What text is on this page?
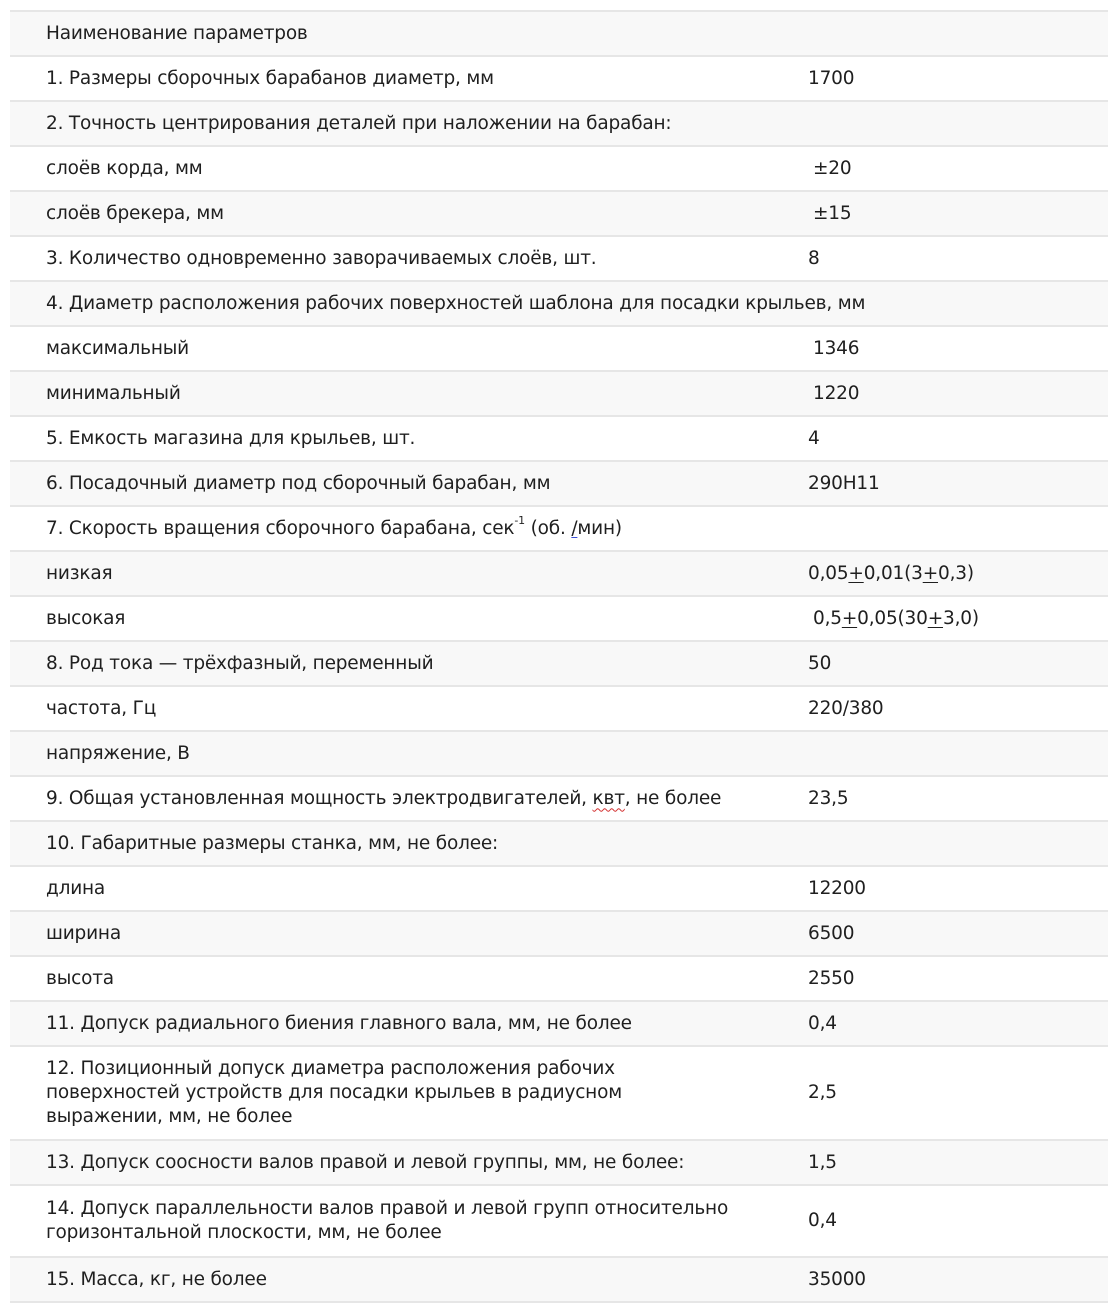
Наименование параметров	
1. Размеры сборочных барабанов диаметр, мм	1700
2. Точность центрирования деталей при наложении на барабан:	
слоёв корда, мм	±20
слоёв брекера, мм	±15
3. Количество одновременно заворачиваемых слоёв, шт.	8
4. Диаметр расположения рабочих поверхностей шаблона для посадки крыльев, мм	
максимальный	1346
минимальный	1220
5. Емкость магазина для крыльев, шт.	4
6. Посадочный диаметр под сборочный барабан, мм	290H11
7. Скорость вращения сборочного барабана, сек$^{-1}$ (об. /мин)	
низкая	0,05+0,01(3+0,3)
высокая	0,5+0,05(30+3,0)
8. Род тока — трёхфазный, переменный	50
частота, Гц	220/380
напряжение, В	
9. Общая установленная мощность электродвигателей, квт, не более	23,5
10. Габаритные размеры станка, мм, не более:	
длина	12200
ширина	6500
высота	2550
11. Допуск радиального биения главного вала, мм, не более	0,4

12. Позиционный допуск диаметра расположения рабочих
поверхностей устройств для посадки крыльев в радиусном
выражении, мм, не более	2,5
13. Допуск соосности валов правой и левой группы, мм, не более:	1,5

14. Допуск параллельности валов правой и левой групп относительно
горизонтальной плоскости, мм, не более	0,4
15. Масса, кг, не более	35000
